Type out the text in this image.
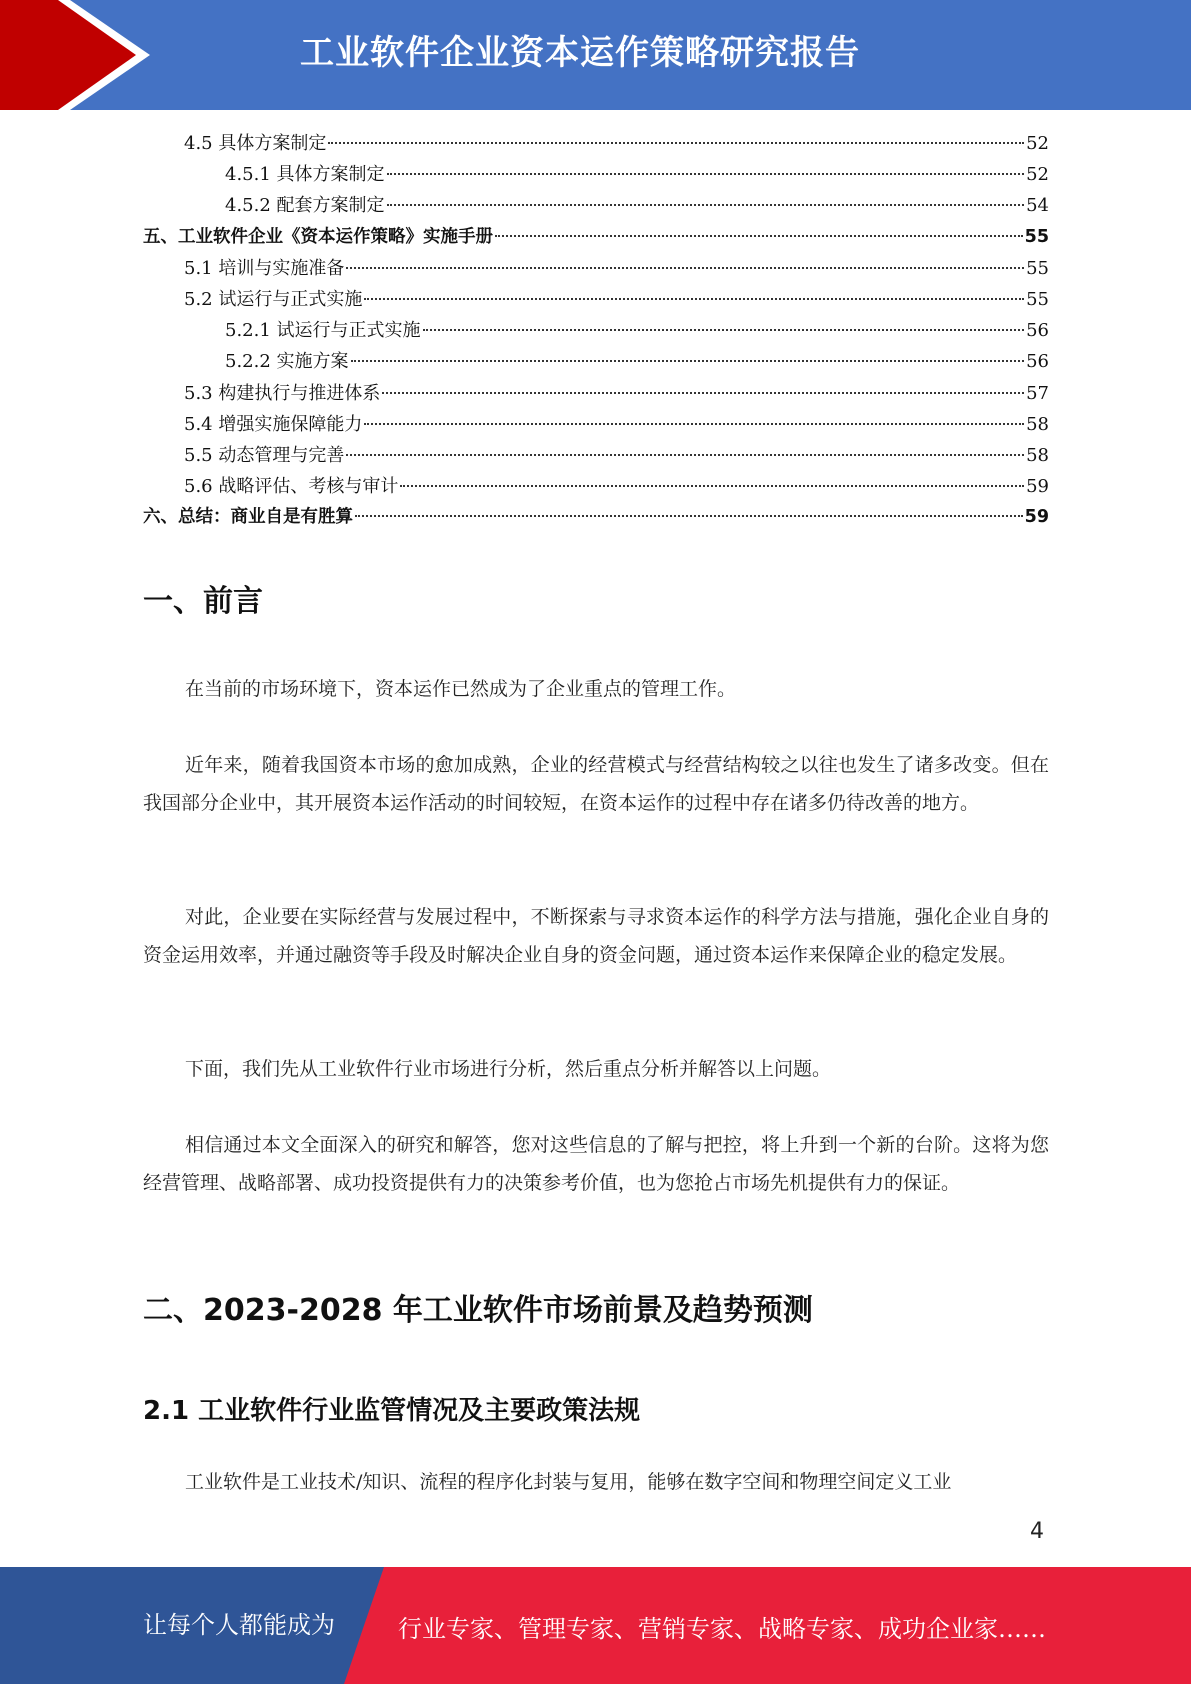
工业软件企业资本运作策略研究报告
4.5 具体方案制定	52
4.5.1 具体方案制定	52
4.5.2 配套方案制定	54
五、工业软件企业《资本运作策略》实施手册	55
5.1 培训与实施准备	55
5.2 试运行与正式实施	55
5.2.1 试运行与正式实施	56
5.2.2 实施方案	56
5.3 构建执行与推进体系	57
5.4 增强实施保障能力	58
5.5 动态管理与完善	58
5.6 战略评估、考核与审计	59
六、总结：商业自是有胜算	59
一、前言
在当前的市场环境下，资本运作已然成为了企业重点的管理工作。
近年来，随着我国资本市场的愈加成熟，企业的经营模式与经营结构较之以往也发生了诸多改变。但在我国部分企业中，其开展资本运作活动的时间较短，在资本运作的过程中存在诸多仍待改善的地方。
对此，企业要在实际经营与发展过程中，不断探索与寻求资本运作的科学方法与措施，强化企业自身的资金运用效率，并通过融资等手段及时解决企业自身的资金问题，通过资本运作来保障企业的稳定发展。
下面，我们先从工业软件行业市场进行分析，然后重点分析并解答以上问题。
相信通过本文全面深入的研究和解答，您对这些信息的了解与把控，将上升到一个新的台阶。这将为您经营管理、战略部署、成功投资提供有力的决策参考价值，也为您抢占市场先机提供有力的保证。
二、2023-2028 年工业软件市场前景及趋势预测
2.1 工业软件行业监管情况及主要政策法规
工业软件是工业技术/知识、流程的程序化封装与复用，能够在数字空间和物理空间定义工业
4
让每个人都能成为	行业专家、管理专家、营销专家、战略专家、成功企业家……
